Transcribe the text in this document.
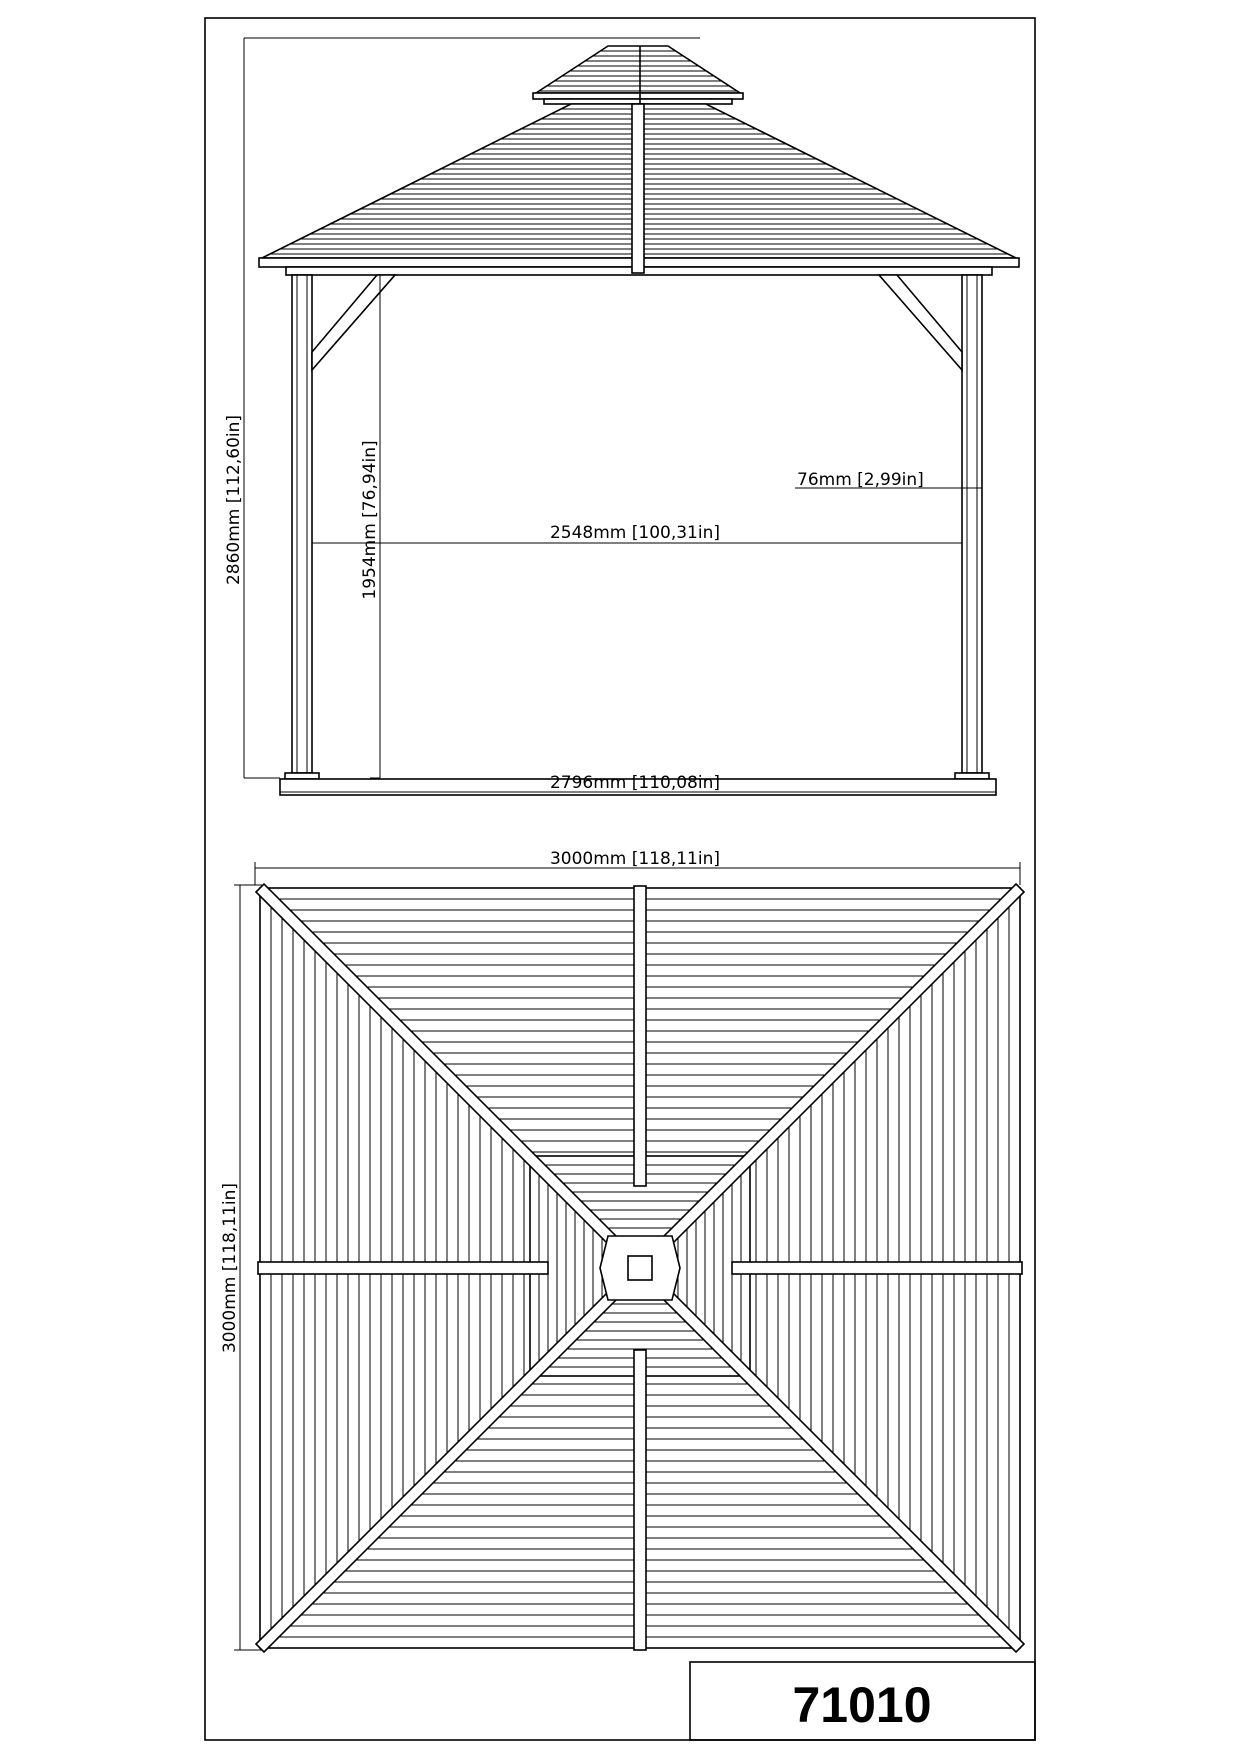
2860mm [112,60in]	1954mm [76,94in]	2548mm [100,31in]
76mm [2,99in]
2796mm [110,08in]
3000mm [118,11in]
3000mm [118,11in]
71010
